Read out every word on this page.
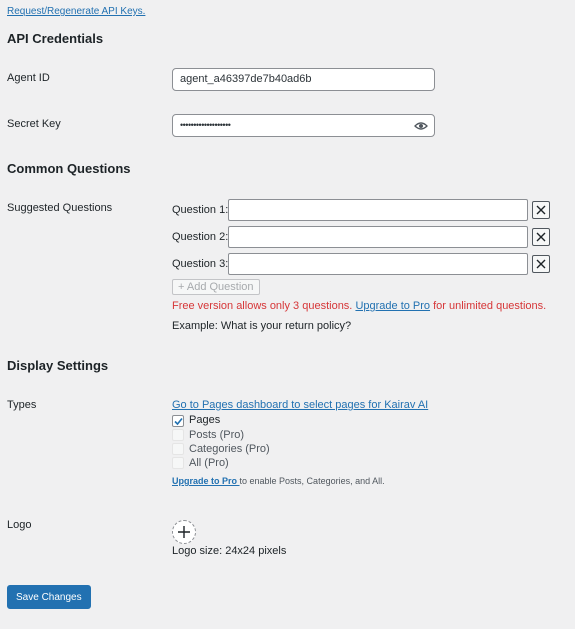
Request/Regenerate API Keys.
API Credentials
Agent ID	agent_a46397de7b40ad6b
Secret Key	•••••••••••••••••••
Common Questions
Suggested Questions	Question 1:
Question 2:
Question 3:
+ Add Question
Free version allows only 3 questions. Upgrade to Pro for unlimited questions.
Example: What is your return policy?
Display Settings
Types	Go to Pages dashboard to select pages for Kairav AI
Pages
Posts (Pro)
Categories (Pro)
All (Pro)
Upgrade to Pro to enable Posts, Categories, and All.
Logo
Logo size: 24x24 pixels
Save Changes
